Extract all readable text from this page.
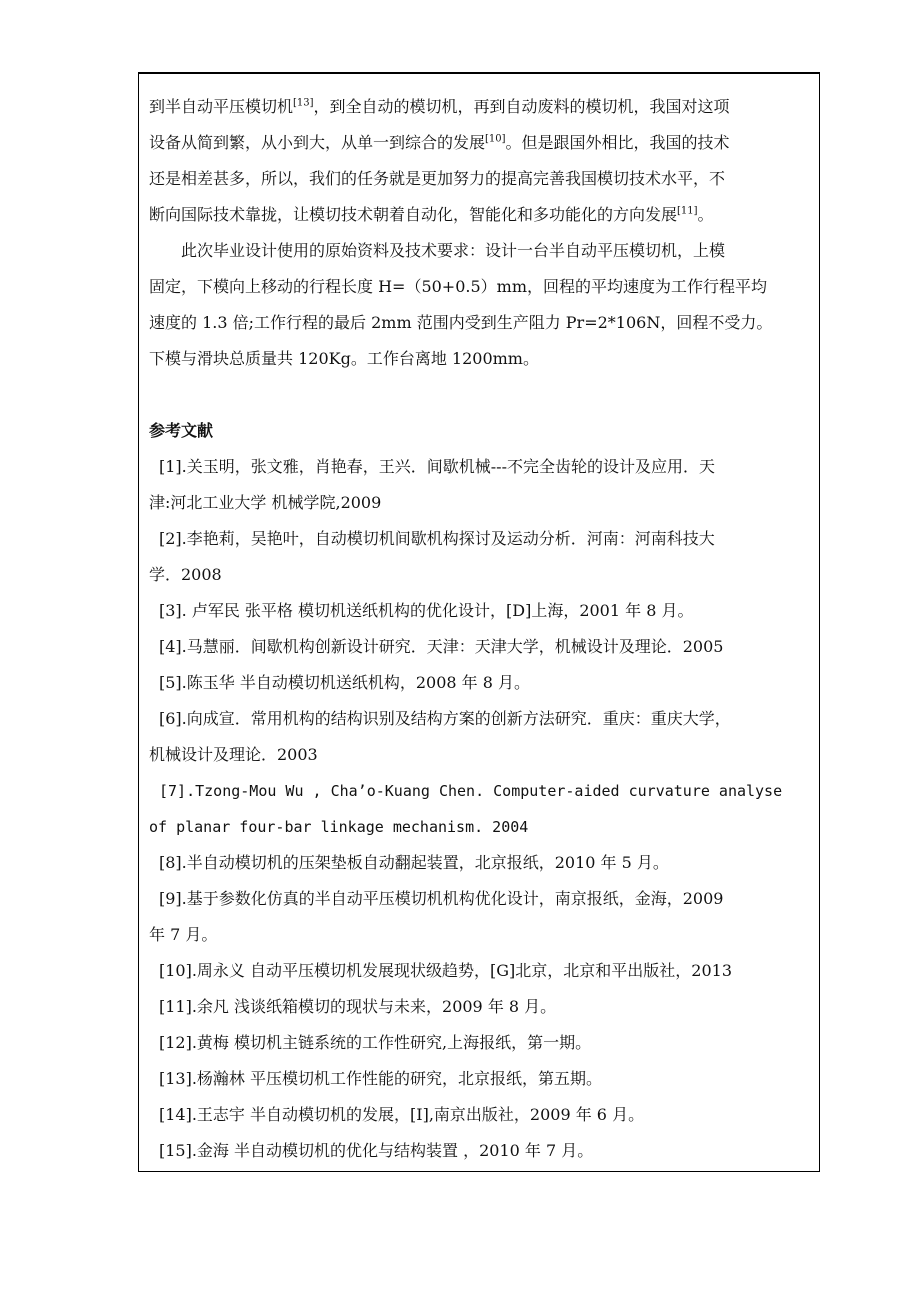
到半自动平压模切机[13]，到全自动的模切机，再到自动废料的模切机，我国对这项
设备从简到繁，从小到大，从单一到综合的发展[10]。但是跟国外相比，我国的技术
还是相差甚多，所以，我们的任务就是更加努力的提高完善我国模切技术水平，不
断向国际技术靠拢，让模切技术朝着自动化，智能化和多功能化的方向发展[11]。
此次毕业设计使用的原始资料及技术要求：设计一台半自动平压模切机，上模
固定，下模向上移动的行程长度 H=（50+0.5）mm，回程的平均速度为工作行程平均
速度的 1.3 倍;工作行程的最后 2mm 范围内受到生产阻力 Pr=2*106N，回程不受力。
下模与滑块总质量共 120Kg。工作台离地 1200mm。
参考文献
[1].关玉明，张文雅，肖艳春，王兴．间歇机械---不完全齿轮的设计及应用．天
津:河北工业大学 机械学院,2009
[2].李艳莉，吴艳叶，自动模切机间歇机构探讨及运动分析．河南：河南科技大
学．2008
[3]. 卢军民 张平格 模切机送纸机构的优化设计，[D]上海，2001 年 8 月。
[4].马慧丽．间歇机构创新设计研究．天津：天津大学，机械设计及理论．2005
[5].陈玉华 半自动模切机送纸机构，2008 年 8 月。
[6].向成宣．常用机构的结构识别及结构方案的创新方法研究．重庆：重庆大学，
机械设计及理论．2003
[7].Tzong-Mou Wu , Cha’o-Kuang Chen. Computer-aided curvature analyse
of planar four-bar linkage mechanism. 2004
[8].半自动模切机的压架垫板自动翻起装置，北京报纸，2010 年 5 月。
[9].基于参数化仿真的半自动平压模切机机构优化设计，南京报纸，金海，2009
年 7 月。
[10].周永义 自动平压模切机发展现状级趋势，[G]北京，北京和平出版社，2013
[11].余凡 浅谈纸箱模切的现状与未来，2009 年 8 月。
[12].黄梅 模切机主链系统的工作性研究,上海报纸，第一期。
[13].杨瀚林 平压模切机工作性能的研究，北京报纸，第五期。
[14].王志宇 半自动模切机的发展，[I],南京出版社，2009 年 6 月。
[15].金海 半自动模切机的优化与结构装置 ，2010 年 7 月。
